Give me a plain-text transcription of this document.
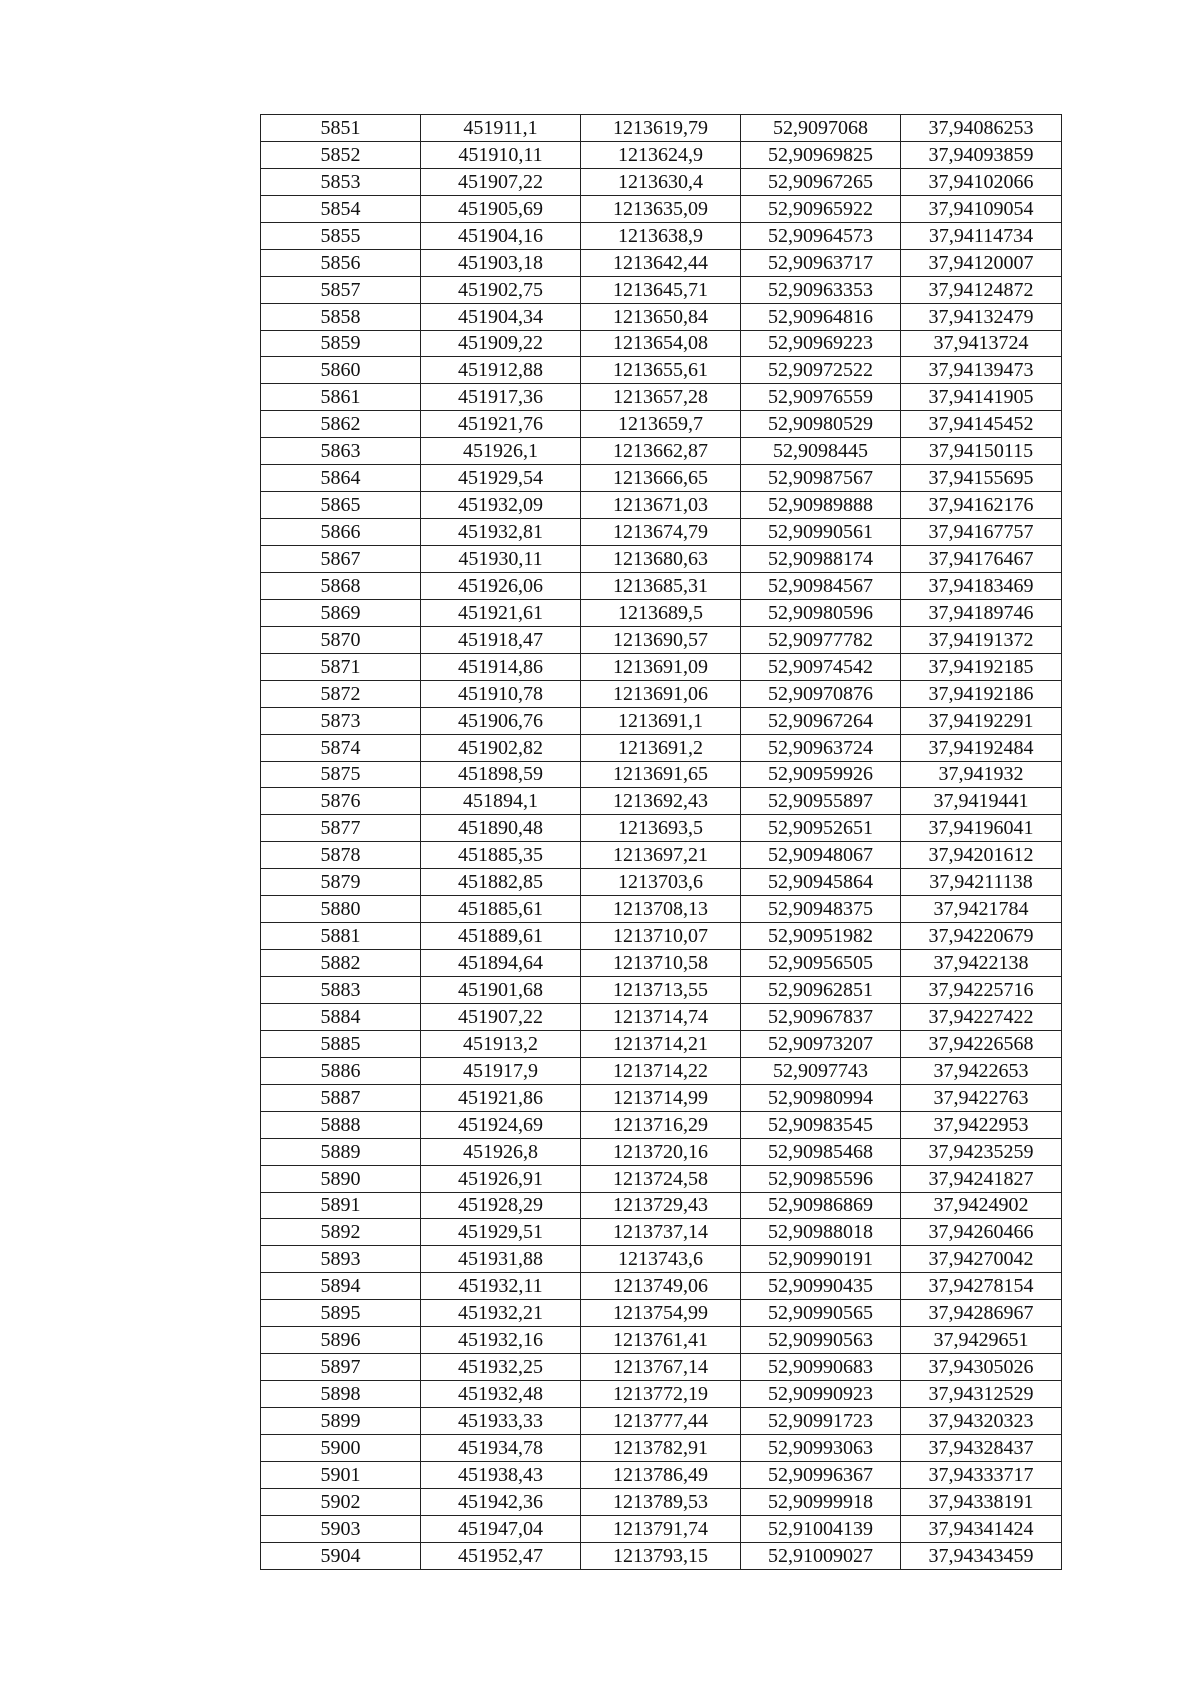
5851	451911,1	1213619,79	52,9097068	37,94086253
5852	451910,11	1213624,9	52,90969825	37,94093859
5853	451907,22	1213630,4	52,90967265	37,94102066
5854	451905,69	1213635,09	52,90965922	37,94109054
5855	451904,16	1213638,9	52,90964573	37,94114734
5856	451903,18	1213642,44	52,90963717	37,94120007
5857	451902,75	1213645,71	52,90963353	37,94124872
5858	451904,34	1213650,84	52,90964816	37,94132479
5859	451909,22	1213654,08	52,90969223	37,9413724
5860	451912,88	1213655,61	52,90972522	37,94139473
5861	451917,36	1213657,28	52,90976559	37,94141905
5862	451921,76	1213659,7	52,90980529	37,94145452
5863	451926,1	1213662,87	52,9098445	37,94150115
5864	451929,54	1213666,65	52,90987567	37,94155695
5865	451932,09	1213671,03	52,90989888	37,94162176
5866	451932,81	1213674,79	52,90990561	37,94167757
5867	451930,11	1213680,63	52,90988174	37,94176467
5868	451926,06	1213685,31	52,90984567	37,94183469
5869	451921,61	1213689,5	52,90980596	37,94189746
5870	451918,47	1213690,57	52,90977782	37,94191372
5871	451914,86	1213691,09	52,90974542	37,94192185
5872	451910,78	1213691,06	52,90970876	37,94192186
5873	451906,76	1213691,1	52,90967264	37,94192291
5874	451902,82	1213691,2	52,90963724	37,94192484
5875	451898,59	1213691,65	52,90959926	37,941932
5876	451894,1	1213692,43	52,90955897	37,9419441
5877	451890,48	1213693,5	52,90952651	37,94196041
5878	451885,35	1213697,21	52,90948067	37,94201612
5879	451882,85	1213703,6	52,90945864	37,94211138
5880	451885,61	1213708,13	52,90948375	37,9421784
5881	451889,61	1213710,07	52,90951982	37,94220679
5882	451894,64	1213710,58	52,90956505	37,9422138
5883	451901,68	1213713,55	52,90962851	37,94225716
5884	451907,22	1213714,74	52,90967837	37,94227422
5885	451913,2	1213714,21	52,90973207	37,94226568
5886	451917,9	1213714,22	52,9097743	37,9422653
5887	451921,86	1213714,99	52,90980994	37,9422763
5888	451924,69	1213716,29	52,90983545	37,9422953
5889	451926,8	1213720,16	52,90985468	37,94235259
5890	451926,91	1213724,58	52,90985596	37,94241827
5891	451928,29	1213729,43	52,90986869	37,9424902
5892	451929,51	1213737,14	52,90988018	37,94260466
5893	451931,88	1213743,6	52,90990191	37,94270042
5894	451932,11	1213749,06	52,90990435	37,94278154
5895	451932,21	1213754,99	52,90990565	37,94286967
5896	451932,16	1213761,41	52,90990563	37,9429651
5897	451932,25	1213767,14	52,90990683	37,94305026
5898	451932,48	1213772,19	52,90990923	37,94312529
5899	451933,33	1213777,44	52,90991723	37,94320323
5900	451934,78	1213782,91	52,90993063	37,94328437
5901	451938,43	1213786,49	52,90996367	37,94333717
5902	451942,36	1213789,53	52,90999918	37,94338191
5903	451947,04	1213791,74	52,91004139	37,94341424
5904	451952,47	1213793,15	52,91009027	37,94343459
